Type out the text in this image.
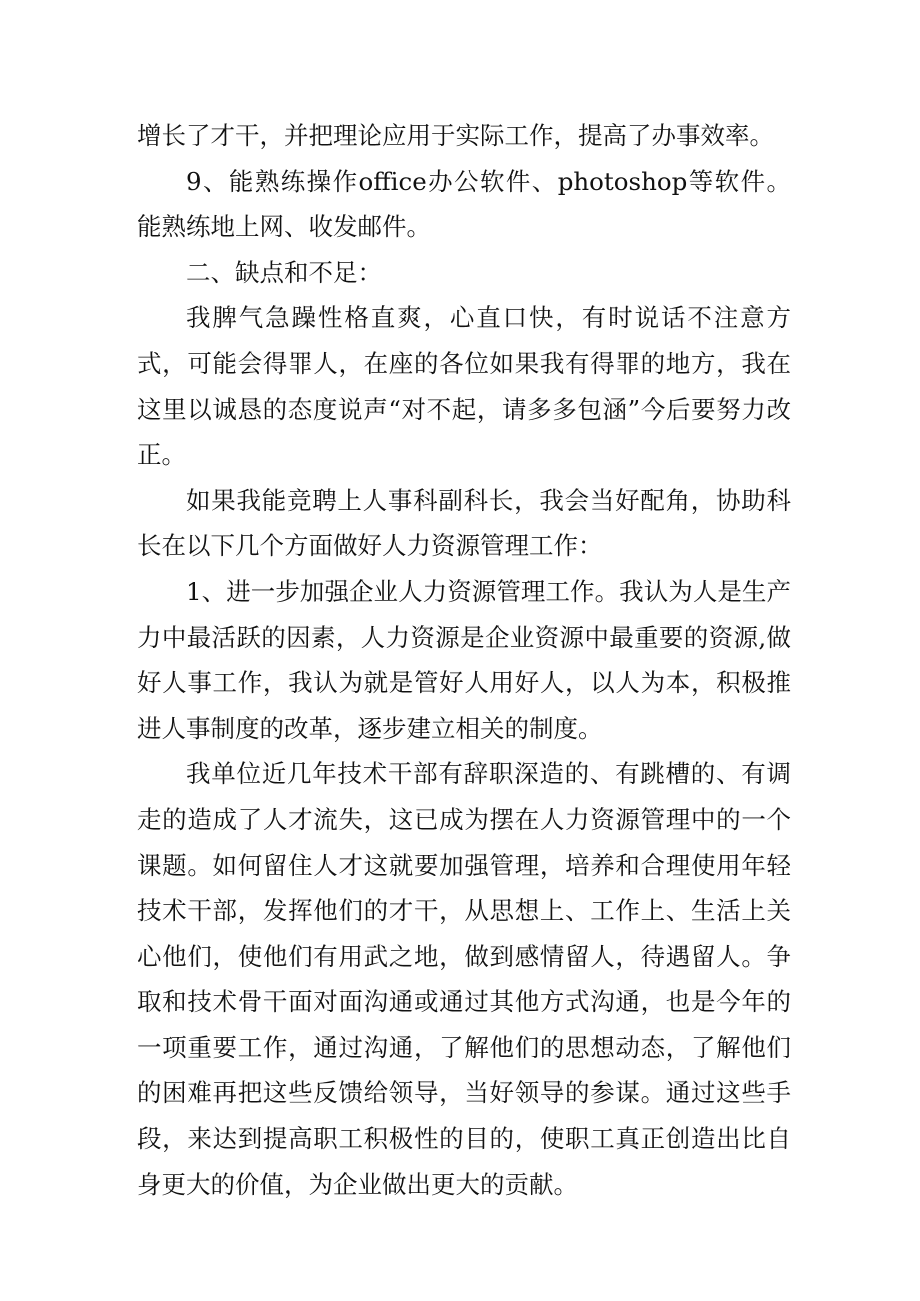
增长了才干，并把理论应用于实际工作，提高了办事效率。

9、能熟练操作office办公软件、photoshop等软件。能熟练地上网、收发邮件。

二、缺点和不足：

我脾气急躁性格直爽，心直口快，有时说话不注意方式，可能会得罪人，在座的各位如果我有得罪的地方，我在这里以诚恳的态度说声“对不起，请多多包涵”今后要努力改正。

如果我能竞聘上人事科副科长，我会当好配角，协助科长在以下几个方面做好人力资源管理工作：

1、进一步加强企业人力资源管理工作。我认为人是生产力中最活跃的因素，人力资源是企业资源中最重要的资源,做好人事工作，我认为就是管好人用好人，以人为本，积极推进人事制度的改革，逐步建立相关的制度。

我单位近几年技术干部有辞职深造的、有跳槽的、有调走的造成了人才流失，这已成为摆在人力资源管理中的一个课题。如何留住人才这就要加强管理，培养和合理使用年轻技术干部，发挥他们的才干，从思想上、工作上、生活上关心他们，使他们有用武之地，做到感情留人，待遇留人。争取和技术骨干面对面沟通或通过其他方式沟通，也是今年的一项重要工作，通过沟通，了解他们的思想动态，了解他们的困难再把这些反馈给领导，当好领导的参谋。通过这些手段，来达到提高职工积极性的目的，使职工真正创造出比自身更大的价值，为企业做出更大的贡献。
